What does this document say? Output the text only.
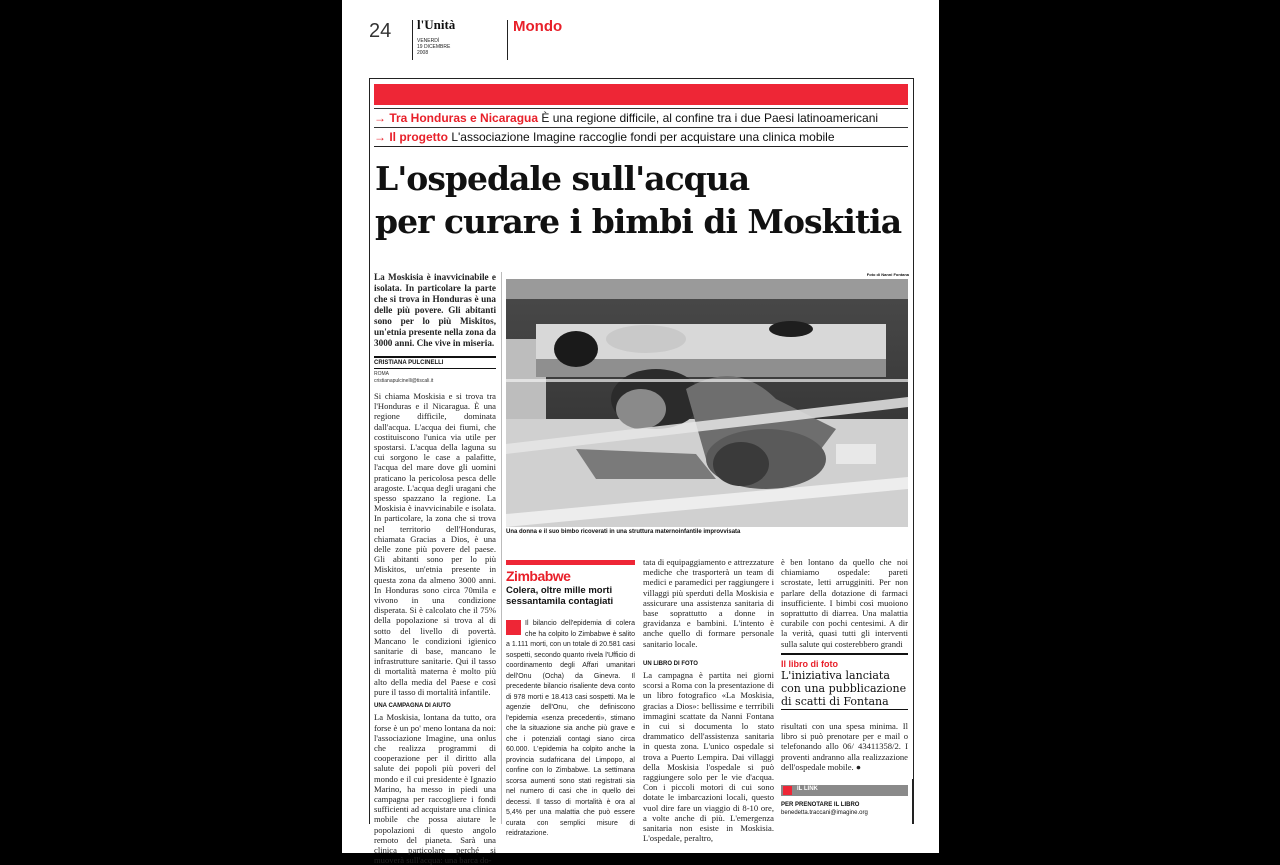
24 l'Unità
VENERDÌ
19 DICEMBRE
2008
Mondo
→ Tra Honduras e Nicaragua È una regione difficile, al confine tra i due Paesi latinoamericani
→ Il progetto L'associazione Imagine raccoglie fondi per acquistare una clinica mobile
L'ospedale sull'acqua
per curare i bimbi di Moskitia
La Moskisia è inavvicinabile e isolata. In particolare la parte che si trova in Honduras è una delle più povere. Gli abitanti sono per lo più Miskitos, un'etnia presente nella zona da 3000 anni. Che vive in miseria.
CRISTIANA PULCINELLI
ROMA
cristianapulcinelli@tiscali.it
Si chiama Moskisia e si trova tra l'Honduras e il Nicaragua. È una regione difficile, dominata dall'acqua. L'acqua dei fiumi, che costituiscono l'unica via utile per spostarsi. L'acqua della laguna su cui sorgono le case a palafitte, l'acqua del mare dove gli uomini praticano la pericolosa pesca delle aragoste. L'acqua degli uragani che spesso spazzano la regione. La Moskisia è inavvicinabile e isolata. In particolare, la zona che si trova nel territorio dell'Honduras, chiamata Gracias a Dios, è una delle zone più povere del paese. Gli abitanti sono per lo più Miskitos, un'etnia presente in questa zona da almeno 3000 anni. In Honduras sono circa 70mila e vivono in una condizione disperata. Si è calcolato che il 75% della popolazione si trova al di sotto del livello di povertà. Mancano le condizioni igienico sanitarie di base, mancano le infrastrutture sanitarie. Qui il tasso di mortalità materna è molto più alto della media del Paese e così pure il tasso di mortalità infantile.
UNA CAMPAGNA DI AIUTO
La Moskisia, lontana da tutto, ora forse è un po' meno lontana da noi: l'associazione Imagine, una onlus che realizza programmi di cooperazione per il diritto alla salute dei popoli più poveri del mondo e il cui presidente è Ignazio Marino, ha messo in piedi una campagna per raccogliere i fondi sufficienti ad acquistare una clinica mobile che possa aiutare le popolazioni di questo angolo remoto del pianeta. Sarà una clinica particolare perché si muoverà sull'acqua: una barca do-
Foto di Nanni Fontana
Una donna e il suo bimbo ricoverati in una struttura maternoinfantile improvvisata
Zimbabwe
Colera, oltre mille morti sessantamila contagiati
Il bilancio dell'epidemia di colera che ha colpito lo Zimbabwe è salito a 1.111 morti, con un totale di 20.581 casi sospetti, secondo quanto rivela l'Ufficio di coordinamento degli Affari umanitari dell'Onu (Ocha) da Ginevra. Il precedente bilancio risaliente deva conto di 978 morti e 18.413 casi sospetti. Ma le agenzie dell'Onu, che definiscono l'epidemia «senza precedenti», stimano che la situazione sia anche più grave e che i potenziali contagi siano circa 60.000. L'epidemia ha colpito anche la provincia sudafricana del Limpopo, al confine con lo Zimbabwe. La settimana scorsa aumenti sono stati registrati sia nel numero di casi che in quello dei decessi. Il tasso di mortalità è ora al 5,4% per una malattia che può essere curata con semplici misure di reidratazione.
tata di equipaggiamento e attrezzature mediche che trasporterà un team di medici e paramedici per raggiungere i villaggi più sperduti della Moskisia e assicurare una assistenza sanitaria di base soprattutto a donne in gravidanza e bambini. L'intento è anche quello di formare personale sanitario locale.
UN LIBRO DI FOTO
La campagna è partita nei giorni scorsi a Roma con la presentazione di un libro fotografico «La Moskisia, gracias a Dios»: bellissime e terrribili immagini scattate da Nanni Fontana in cui si documenta lo stato drammatico dell'assistenza sanitaria in questa zona. L'unico ospedale si trova a Puerto Lempira. Dai villaggi della Moskisia l'ospedale si può raggiungere solo per le vie d'acqua. Con i piccoli motori di cui sono dotate le imbarcazioni locali, questo vuol dire fare un viaggio di 8-10 ore, a volte anche di più. L'emergenza sanitaria non esiste in Moskisia. L'ospedale, peraltro,
è ben lontano da quello che noi chiamiamo ospedale: pareti scrostate, letti arrugginiti. Per non parlare della dotazione di farmaci insufficiente. I bimbi così muoiono soprattutto di diarrea. Una malattia curabile con pochi centesimi. A dir la verità, quasi tutti gli interventi sulla salute qui costerebbero grandi
Il libro di foto
L'iniziativa lanciata con una pubblicazione di scatti di Fontana
risultati con una spesa minima. Il libro si può prenotare per e mail o telefonando allo 06/ 43411358/2. I proventi andranno alla realizzazione dell'ospedale mobile. ●
IL LINK
PER PRENOTARE IL LIBRO
benedetta.traccani@imagine.org
